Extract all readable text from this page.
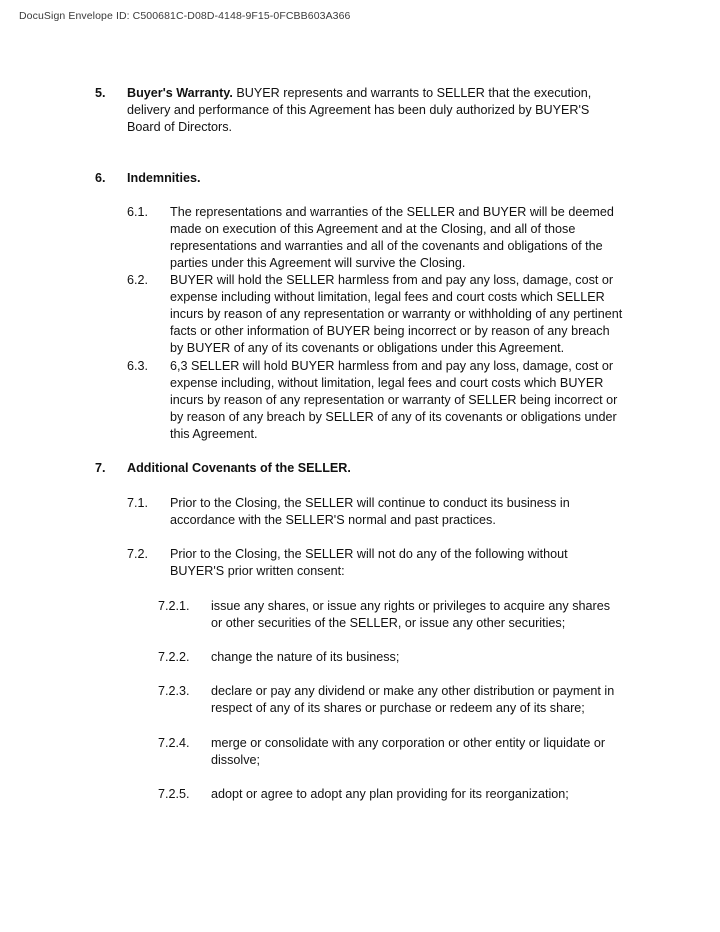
DocuSign Envelope ID: C500681C-D08D-4148-9F15-0FCBB603A366
5. Buyer's Warranty. BUYER represents and warrants to SELLER that the execution,
delivery and performance of this Agreement has been duly authorized by BUYER'S
Board of Directors.
6. Indemnities.
6.1. The representations and warranties of the SELLER and BUYER will be deemed
made on execution of this Agreement and at the Closing, and all of those
representations and warranties and all of the covenants and obligations of the
parties under this Agreement will survive the Closing.
6.2. BUYER will hold the SELLER harmless from and pay any loss, damage, cost or
expense including without limitation, legal fees and court costs which SELLER
incurs by reason of any representation or warranty or withholding of any pertinent
facts or other information of BUYER being incorrect or by reason of any breach
by BUYER of any of its covenants or obligations under this Agreement.
6.3. 6,3 SELLER will hold BUYER harmless from and pay any loss, damage, cost or
expense including, without limitation, legal fees and court costs which BUYER
incurs by reason of any representation or warranty of SELLER being incorrect or
by reason of any breach by SELLER of any of its covenants or obligations under
this Agreement.
7. Additional Covenants of the SELLER.
7.1. Prior to the Closing, the SELLER will continue to conduct its business in
accordance with the SELLER'S normal and past practices.
7.2. Prior to the Closing, the SELLER will not do any of the following without
BUYER'S prior written consent:
7.2.1. issue any shares, or issue any rights or privileges to acquire any shares
or other securities of the SELLER, or issue any other securities;
7.2.2. change the nature of its business;
7.2.3. declare or pay any dividend or make any other distribution or payment in
respect of any of its shares or purchase or redeem any of its share;
7.2.4. merge or consolidate with any corporation or other entity or liquidate or
dissolve;
7.2.5. adopt or agree to adopt any plan providing for its reorganization;
